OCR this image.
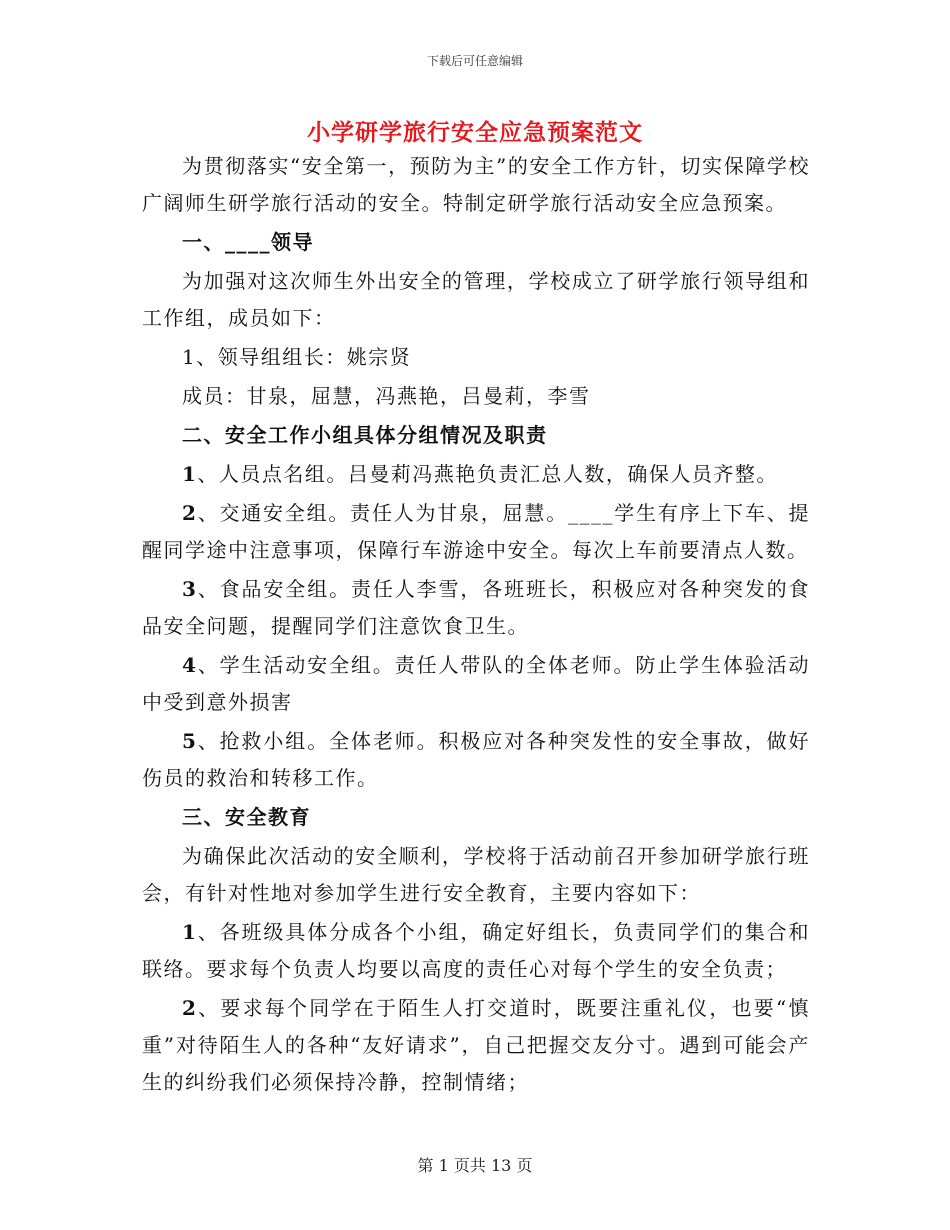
下载后可任意编辑
小学研学旅行安全应急预案范文

为贯彻落实“安全第一，预防为主”的安全工作方针，切实保障学校广阔师生研学旅行活动的安全。特制定研学旅行活动安全应急预案。

一、____领导

为加强对这次师生外出安全的管理，学校成立了研学旅行领导组和工作组，成员如下：

1、领导组组长：姚宗贤

成员：甘泉，屈慧，冯燕艳，吕曼莉，李雪

二、安全工作小组具体分组情况及职责

1、人员点名组。吕曼莉冯燕艳负责汇总人数，确保人员齐整。

2、交通安全组。责任人为甘泉，屈慧。____学生有序上下车、提醒同学途中注意事项，保障行车游途中安全。每次上车前要清点人数。

3、食品安全组。责任人李雪，各班班长，积极应对各种突发的食品安全问题，提醒同学们注意饮食卫生。

4、学生活动安全组。责任人带队的全体老师。防止学生体验活动中受到意外损害

5、抢救小组。全体老师。积极应对各种突发性的安全事故，做好伤员的救治和转移工作。

三、安全教育

为确保此次活动的安全顺利，学校将于活动前召开参加研学旅行班会，有针对性地对参加学生进行安全教育，主要内容如下：

1、各班级具体分成各个小组，确定好组长，负责同学们的集合和联络。要求每个负责人均要以高度的责任心对每个学生的安全负责；

2、要求每个同学在于陌生人打交道时，既要注重礼仪，也要“慎重”对待陌生人的各种“友好请求”，自己把握交友分寸。遇到可能会产生的纠纷我们必须保持冷静，控制情绪；

第 1 页共 13 页
